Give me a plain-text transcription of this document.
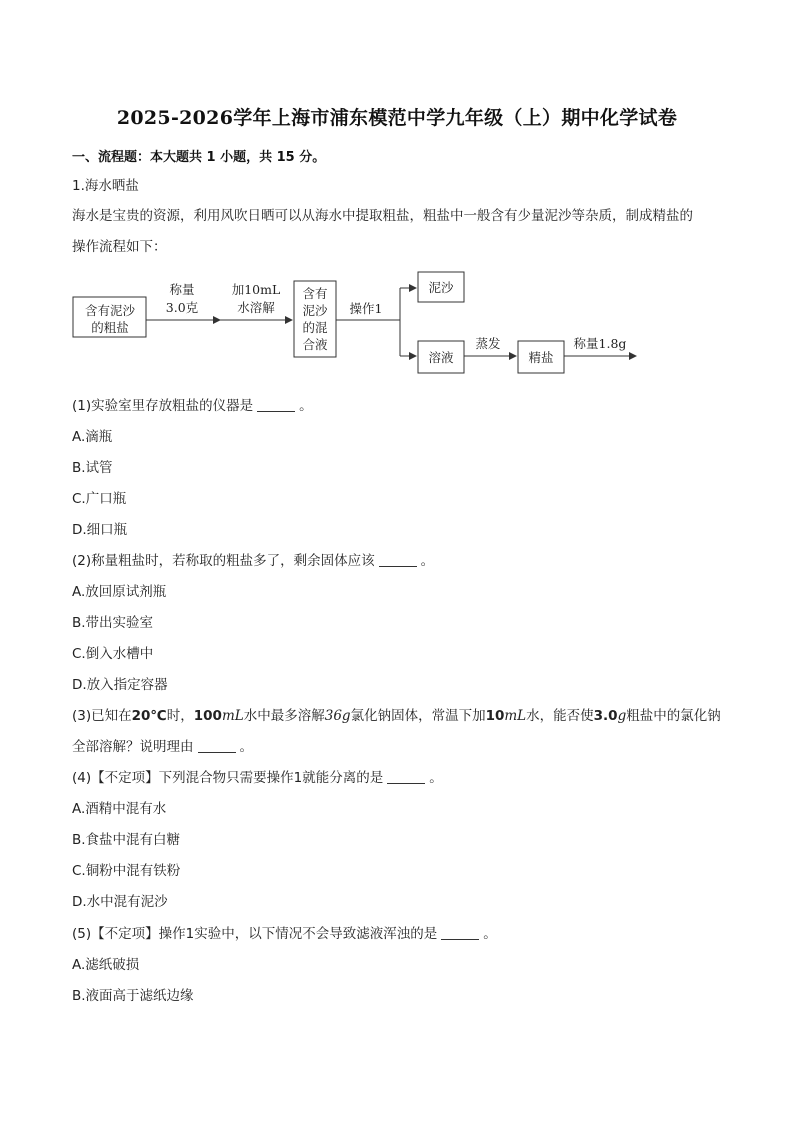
2025-2026学年上海市浦东模范中学九年级（上）期中化学试卷
一、流程题：本大题共 1 小题，共 15 分。
1.海水晒盐
海水是宝贵的资源，利用风吹日晒可以从海水中提取粗盐，粗盐中一般含有少量泥沙等杂质，制成精盐的
操作流程如下：
含有泥沙
的粗盐
称量
3.0克
加10mL
水溶解
含有
泥沙
的混
合液
操作1
泥沙
溶液
蒸发
精盐
称量1.8g
(1)实验室里存放粗盐的仪器是	。
A.滴瓶
B.试管
C.广口瓶
D.细口瓶
(2)称量粗盐时，若称取的粗盐多了，剩余固体应该	。
A.放回原试剂瓶
B.带出实验室
C.倒入水槽中
D.放入指定容器
(3)已知在20℃时，100mL水中最多溶解36g氯化钠固体，常温下加10mL水，能否使3.0g粗盐中的氯化钠
全部溶解？说明理由	。
(4)【不定项】下列混合物只需要操作1就能分离的是	。
A.酒精中混有水
B.食盐中混有白糖
C.铜粉中混有铁粉
D.水中混有泥沙
(5)【不定项】操作1实验中，以下情况不会导致滤液浑浊的是	。
A.滤纸破损
B.液面高于滤纸边缘
